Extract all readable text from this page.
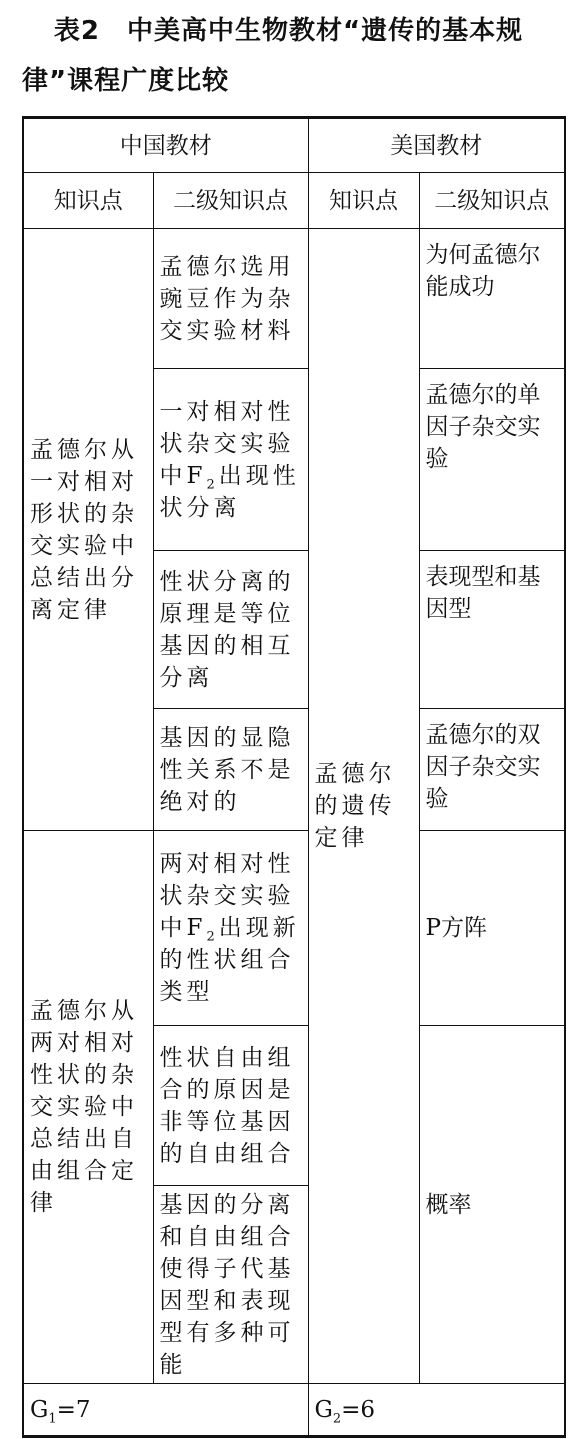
表2　中美高中生物教材“遗传的基本规
律”课程广度比较
中国教材		美国教材	
知识点	二级知识点	知识点	二级知识点
孟德尔从一对相对形状的杂交实验中总结出分离定律	孟德尔选用豌豆作为杂交实验材料	孟德尔的遗传定律	为何孟德尔能成功
	一对相对性状杂交实验中$F_2$出现性状分离		孟德尔的单因子杂交实验
	性状分离的原理是等位基因的相互分离		表现型和基因型
	基因的显隐性关系不是绝对的		孟德尔的双因子杂交实验
孟德尔从两对相对性状的杂交实验中总结出自由组合定律	两对相对性状杂交实验中$F_2$出现新的性状组合类型		P方阵
	性状自由组合的原因是非等位基因的自由组合		概率
	基因的分离和自由组合使得子代基因型和表现型有多种可能		
$G_1=7$		$G_2=6$	
